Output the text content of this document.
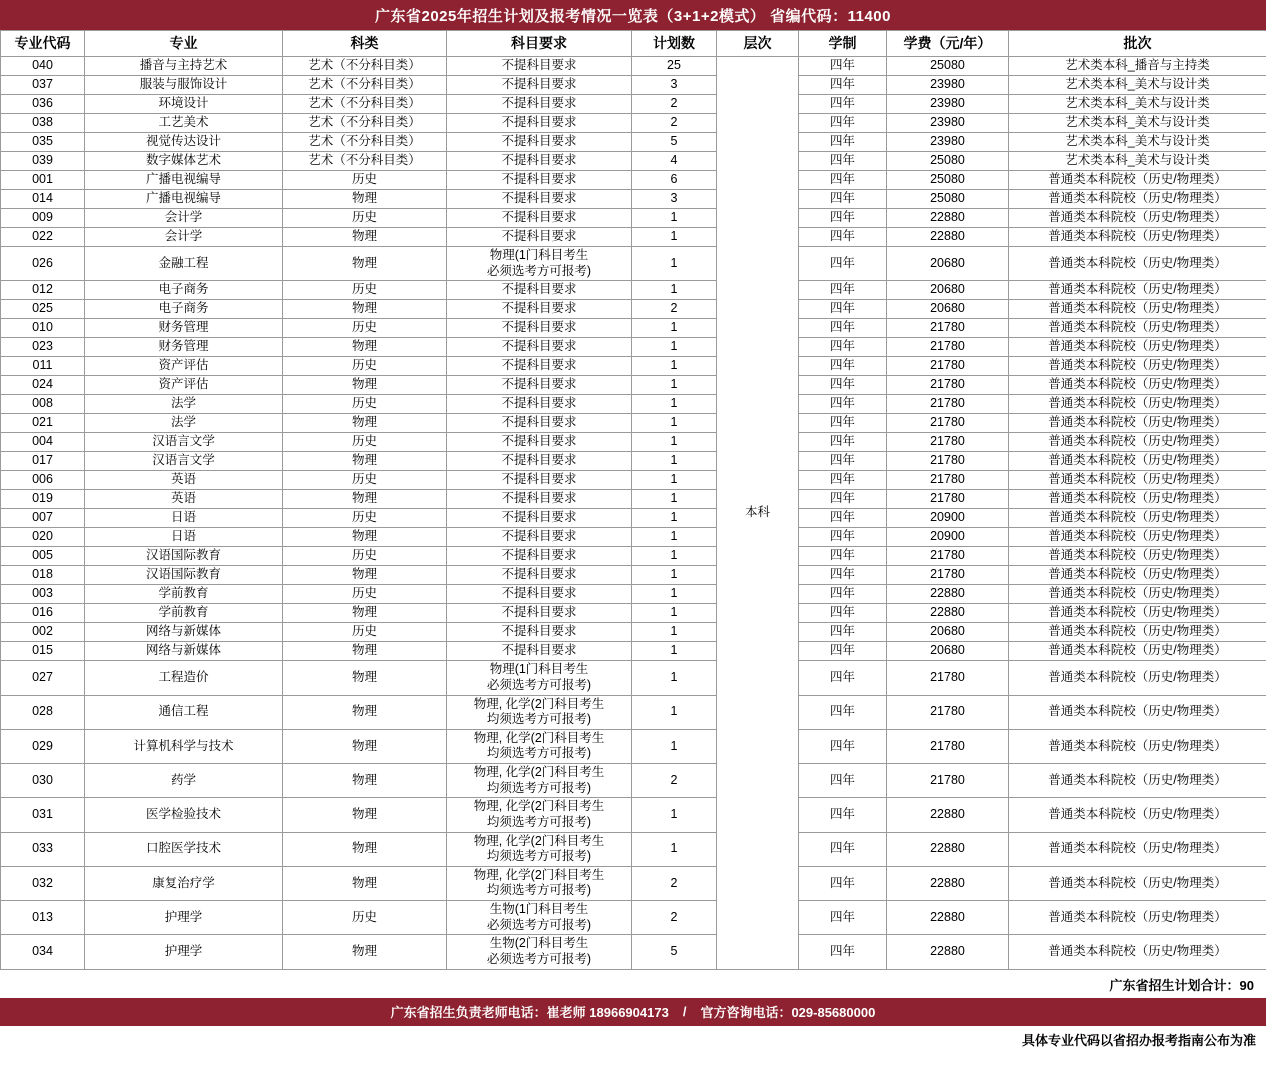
广东省2025年招生计划及报考情况一览表（3+1+2模式） 省编代码：11400
专业代码	专业	科类	科目要求	计划数	层次	学制	学费（元/年）	批次
040	播音与主持艺术	艺术（不分科目类）	不提科目要求	25	本科	四年	25080	艺术类本科_播音与主持类
037	服装与服饰设计	艺术（不分科目类）	不提科目要求	3		四年	23980	艺术类本科_美术与设计类
036	环境设计	艺术（不分科目类）	不提科目要求	2		四年	23980	艺术类本科_美术与设计类
038	工艺美术	艺术（不分科目类）	不提科目要求	2		四年	23980	艺术类本科_美术与设计类
035	视觉传达设计	艺术（不分科目类）	不提科目要求	5		四年	23980	艺术类本科_美术与设计类
039	数字媒体艺术	艺术（不分科目类）	不提科目要求	4		四年	25080	艺术类本科_美术与设计类
001	广播电视编导	历史	不提科目要求	6		四年	25080	普通类本科院校（历史/物理类）
014	广播电视编导	物理	不提科目要求	3		四年	25080	普通类本科院校（历史/物理类）
009	会计学	历史	不提科目要求	1		四年	22880	普通类本科院校（历史/物理类）
022	会计学	物理	不提科目要求	1		四年	22880	普通类本科院校（历史/物理类）
026	金融工程	物理	物理(1门科目考生
必须选考方可报考)	1		四年	20680	普通类本科院校（历史/物理类）
012	电子商务	历史	不提科目要求	1		四年	20680	普通类本科院校（历史/物理类）
025	电子商务	物理	不提科目要求	2		四年	20680	普通类本科院校（历史/物理类）
010	财务管理	历史	不提科目要求	1		四年	21780	普通类本科院校（历史/物理类）
023	财务管理	物理	不提科目要求	1		四年	21780	普通类本科院校（历史/物理类）
011	资产评估	历史	不提科目要求	1		四年	21780	普通类本科院校（历史/物理类）
024	资产评估	物理	不提科目要求	1		四年	21780	普通类本科院校（历史/物理类）
008	法学	历史	不提科目要求	1		四年	21780	普通类本科院校（历史/物理类）
021	法学	物理	不提科目要求	1		四年	21780	普通类本科院校（历史/物理类）
004	汉语言文学	历史	不提科目要求	1		四年	21780	普通类本科院校（历史/物理类）
017	汉语言文学	物理	不提科目要求	1		四年	21780	普通类本科院校（历史/物理类）
006	英语	历史	不提科目要求	1		四年	21780	普通类本科院校（历史/物理类）
019	英语	物理	不提科目要求	1		四年	21780	普通类本科院校（历史/物理类）
007	日语	历史	不提科目要求	1		四年	20900	普通类本科院校（历史/物理类）
020	日语	物理	不提科目要求	1		四年	20900	普通类本科院校（历史/物理类）
005	汉语国际教育	历史	不提科目要求	1		四年	21780	普通类本科院校（历史/物理类）
018	汉语国际教育	物理	不提科目要求	1		四年	21780	普通类本科院校（历史/物理类）
003	学前教育	历史	不提科目要求	1		四年	22880	普通类本科院校（历史/物理类）
016	学前教育	物理	不提科目要求	1		四年	22880	普通类本科院校（历史/物理类）
002	网络与新媒体	历史	不提科目要求	1		四年	20680	普通类本科院校（历史/物理类）
015	网络与新媒体	物理	不提科目要求	1		四年	20680	普通类本科院校（历史/物理类）
027	工程造价	物理	物理(1门科目考生
必须选考方可报考)	1		四年	21780	普通类本科院校（历史/物理类）
028	通信工程	物理	物理, 化学(2门科目考生
均须选考方可报考)	1		四年	21780	普通类本科院校（历史/物理类）
029	计算机科学与技术	物理	物理, 化学(2门科目考生
均须选考方可报考)	1		四年	21780	普通类本科院校（历史/物理类）
030	药学	物理	物理, 化学(2门科目考生
均须选考方可报考)	2		四年	21780	普通类本科院校（历史/物理类）
031	医学检验技术	物理	物理, 化学(2门科目考生
均须选考方可报考)	1		四年	22880	普通类本科院校（历史/物理类）
033	口腔医学技术	物理	物理, 化学(2门科目考生
均须选考方可报考)	1		四年	22880	普通类本科院校（历史/物理类）
032	康复治疗学	物理	物理, 化学(2门科目考生
均须选考方可报考)	2		四年	22880	普通类本科院校（历史/物理类）
013	护理学	历史	生物(1门科目考生
必须选考方可报考)	2		四年	22880	普通类本科院校（历史/物理类）
034	护理学	物理	生物(2门科目考生
必须选考方可报考)	5		四年	22880	普通类本科院校（历史/物理类）
广东省招生计划合计：90
广东省招生负责老师电话：崔老师 18966904173 / 官方咨询电话：029-85680000
具体专业代码以省招办报考指南公布为准
